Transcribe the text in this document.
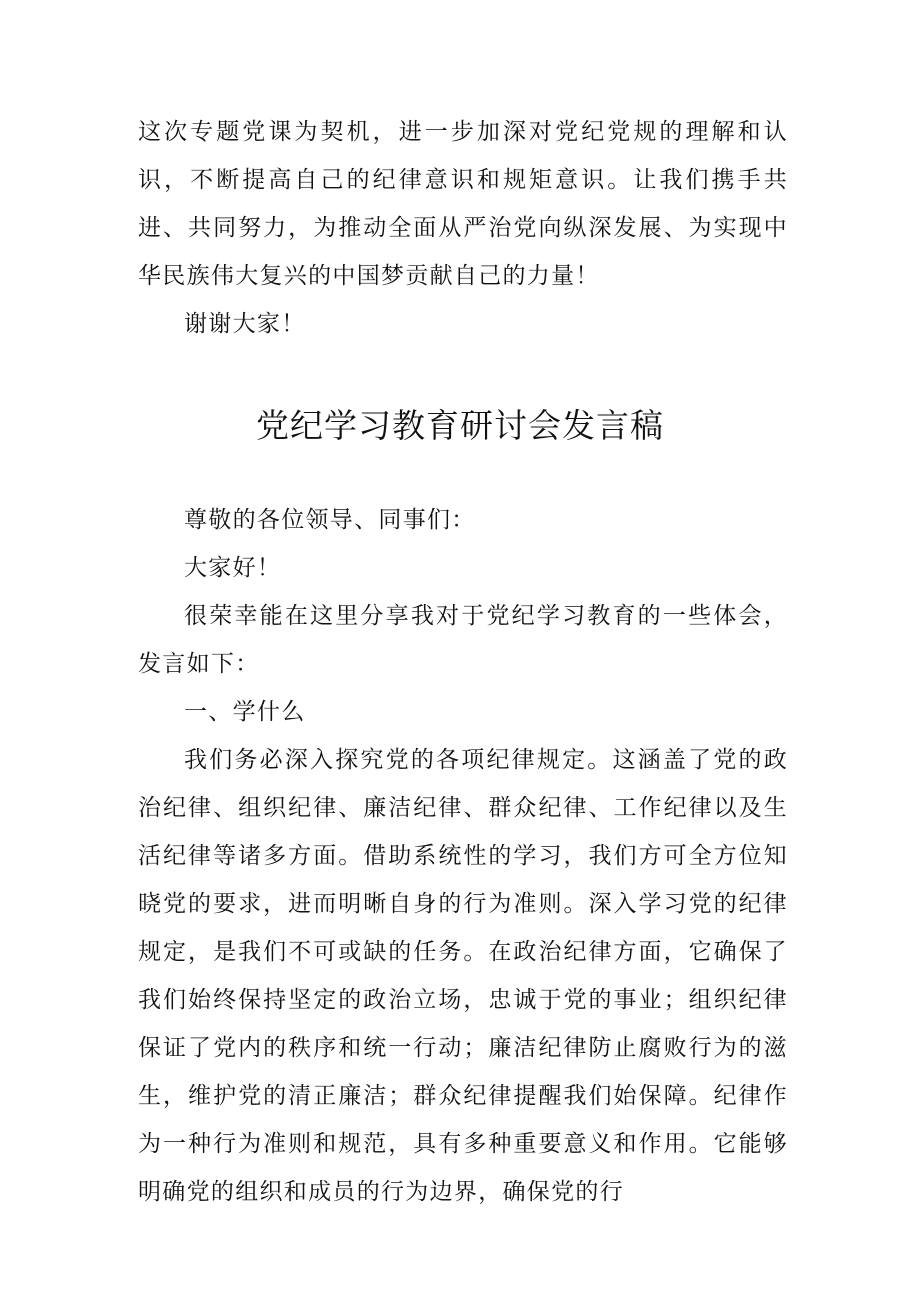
这次专题党课为契机，进一步加深对党纪党规的理解和认识，不断提高自己的纪律意识和规矩意识。让我们携手共进、共同努力，为推动全面从严治党向纵深发展、为实现中华民族伟大复兴的中国梦贡献自己的力量！

谢谢大家！

党纪学习教育研讨会发言稿

尊敬的各位领导、同事们：

大家好！

很荣幸能在这里分享我对于党纪学习教育的一些体会，发言如下：

一、学什么

我们务必深入探究党的各项纪律规定。这涵盖了党的政治纪律、组织纪律、廉洁纪律、群众纪律、工作纪律以及生活纪律等诸多方面。借助系统性的学习，我们方可全方位知晓党的要求，进而明晰自身的行为准则。深入学习党的纪律规定，是我们不可或缺的任务。在政治纪律方面，它确保了我们始终保持坚定的政治立场，忠诚于党的事业；组织纪律保证了党内的秩序和统一行动；廉洁纪律防止腐败行为的滋生，维护党的清正廉洁；群众纪律提醒我们始保障。纪律作为一种行为准则和规范，具有多种重要意义和作用。它能够明确党的组织和成员的行为边界，确保党的行
